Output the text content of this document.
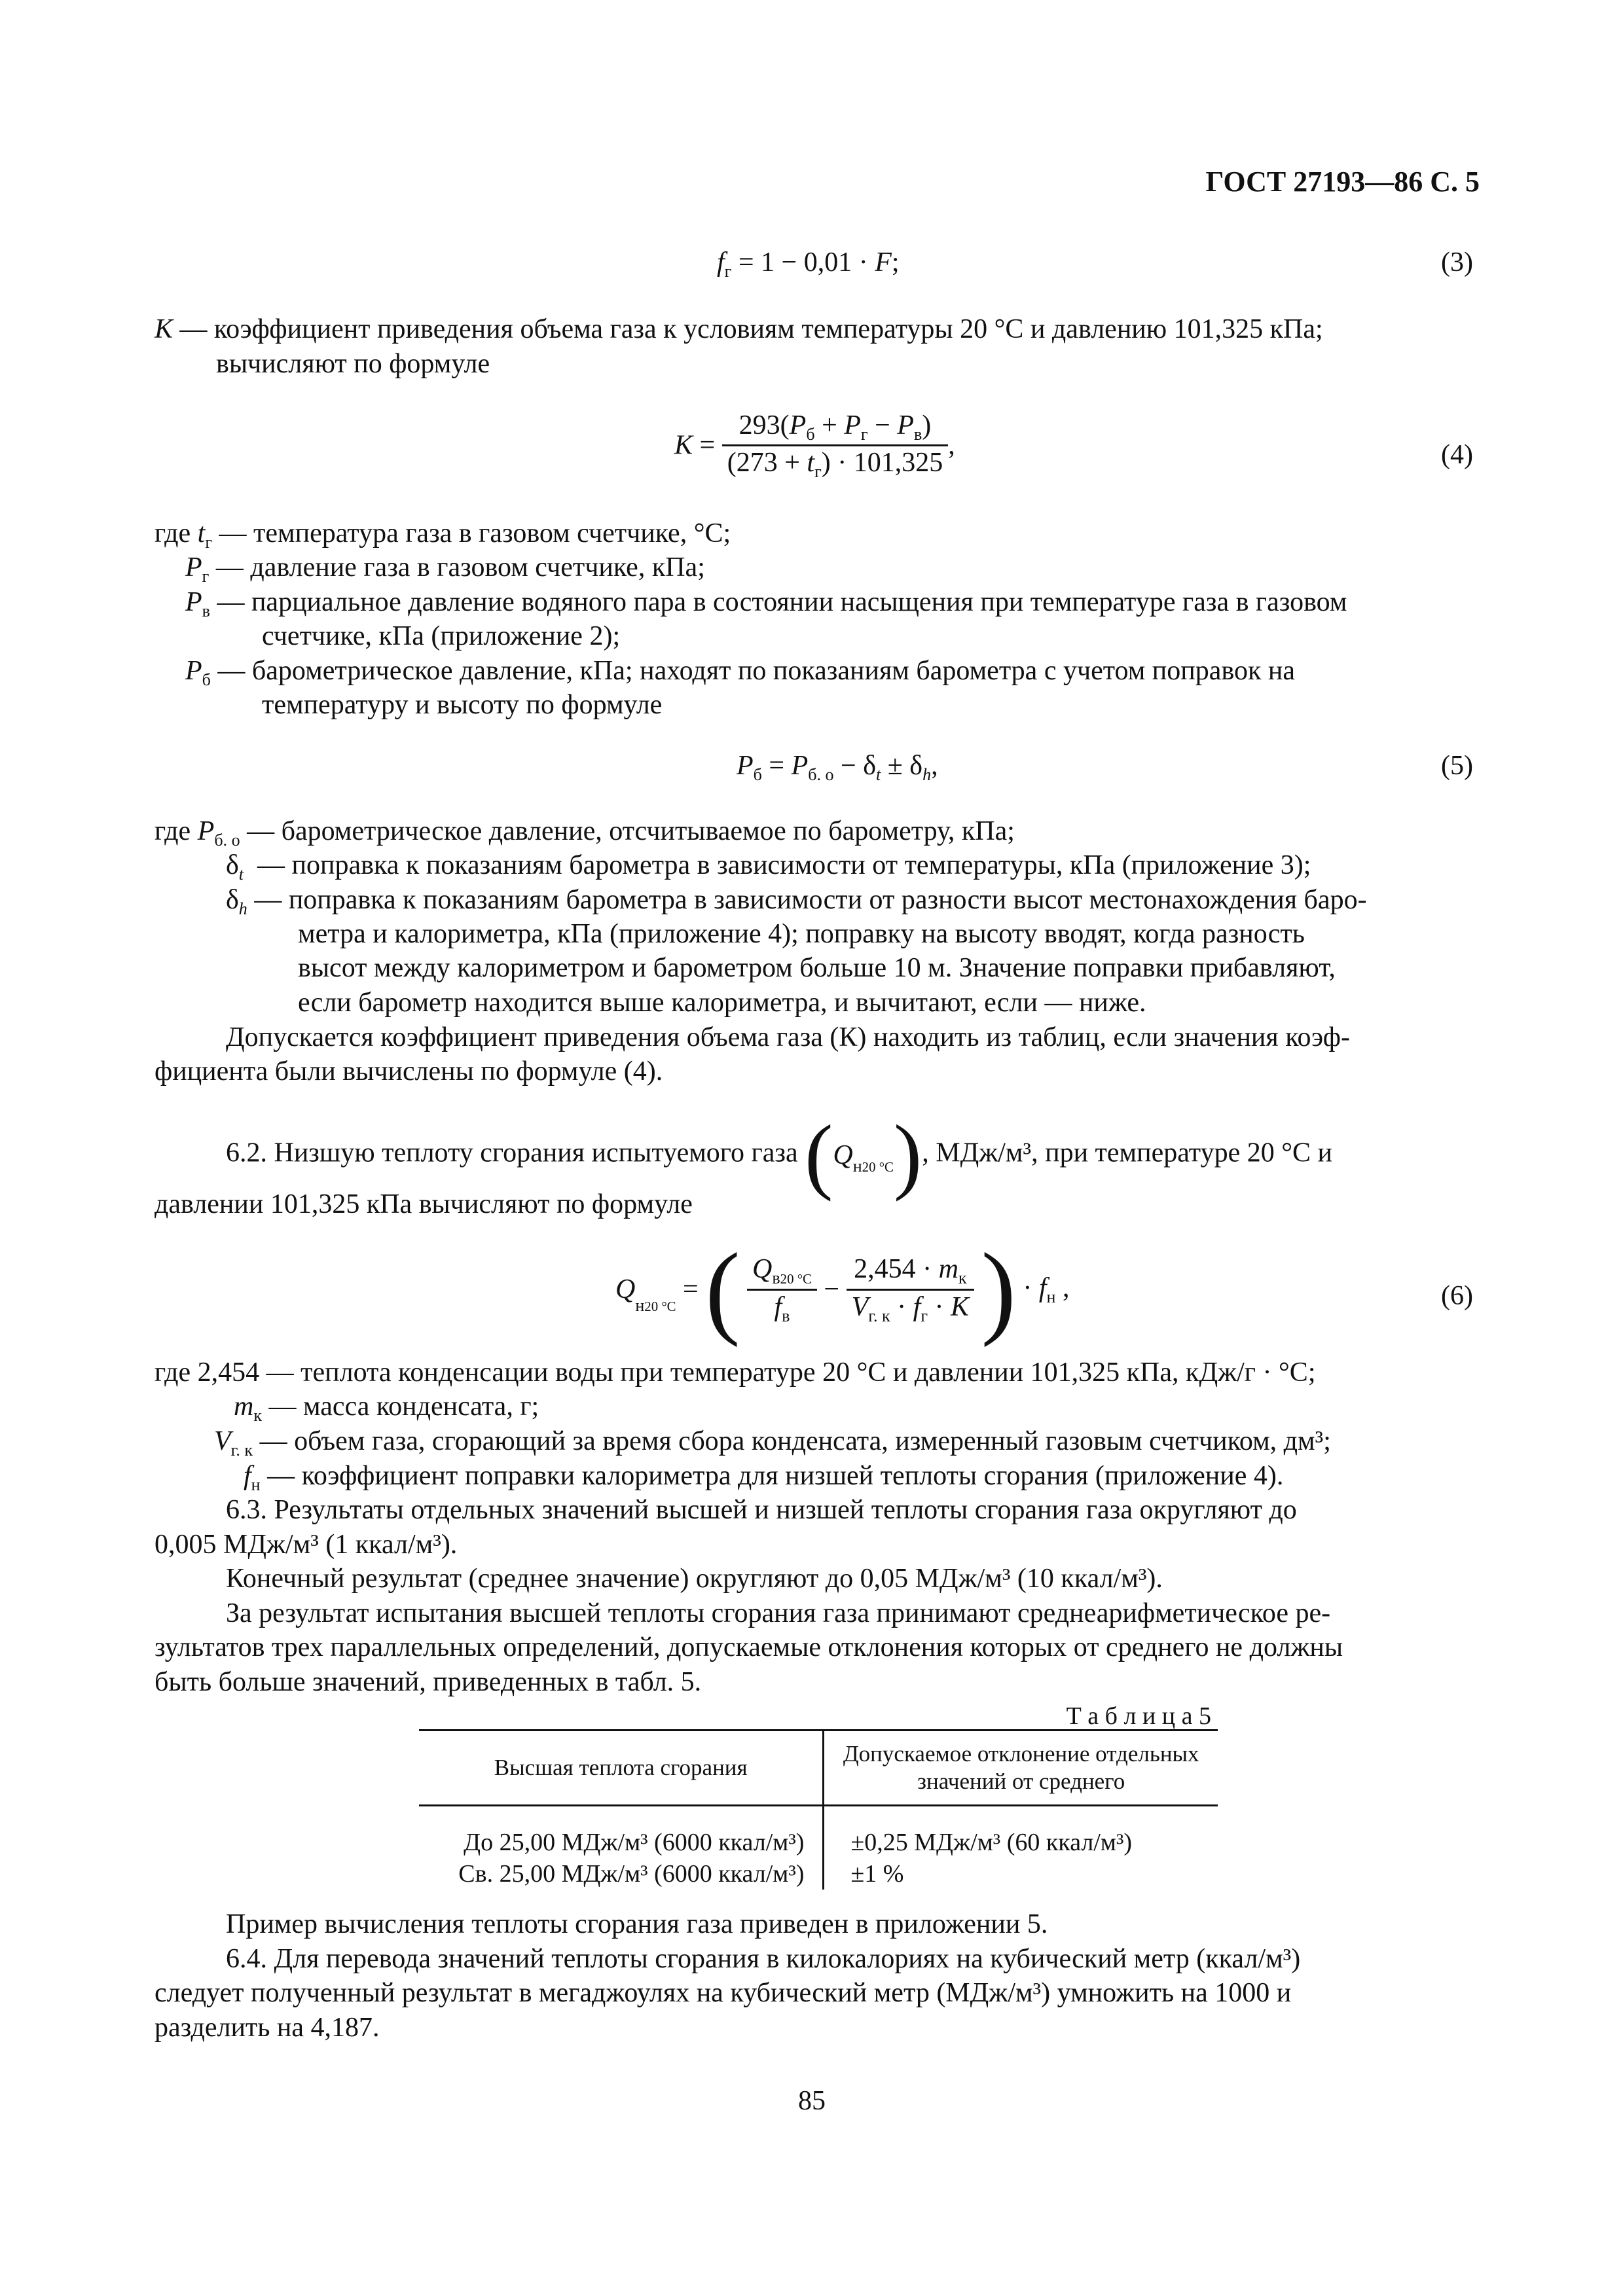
ГОСТ 27193—86 С. 5
$f_г = 1 - 0,01 \cdot F$;	(3)
К — коэффициент приведения объема газа к условиям температуры 20 °С и давлению 101,325 кПа;
вычисляют по формуле
$K = \frac{293(P_б + P_г - P_в)}{(273 + t_г) \cdot 101,325}$ ,	(4)
где $t_г$ — температура газа в газовом счетчике, °С;
$P_г$ — давление газа в газовом счетчике, кПа;
$P_в$ — парциальное давление водяного пара в состоянии насыщения при температуре газа в газовом
счетчике, кПа (приложение 2);
$P_б$ — барометрическое давление, кПа; находят по показаниям барометра с учетом поправок на
температуру и высоту по формуле
$P_б = P_{б. о} - \delta_t \pm \delta_h$,	(5)
где $P_{б. о}$ — барометрическое давление, отсчитываемое по барометру, кПа;
$\delta_t$ — поправка к показаниям барометра в зависимости от температуры, кПа (приложение 3);
$\delta_h$ — поправка к показаниям барометра в зависимости от разности высот местонахождения баро-
метра и калориметра, кПа (приложение 4); поправку на высоту вводят, когда разность
высот между калориметром и барометром больше 10 м. Значение поправки прибавляют,
если барометр находится выше калориметра, и вычитают, если — ниже.
Допускается коэффициент приведения объема газа (К) находить из таблиц, если значения коэф-
фициента были вычислены по формуле (4).
6.2. Низшую теплоту сгорания испытуемого газа $(Q_{н20 ^\circ С})$, МДж/м³, при температуре 20 °С и
давлении 101,325 кПа вычисляют по формуле
$Q_{н20 ^\circ С}$ = ( $\frac{Q_{в20 ^\circ С}}{f_в} - \frac{2,454 \cdot m_к}{V_{г. к} \cdot f_г \cdot K}$ ) · $f_н$ ,	(6)
где 2,454 — теплота конденсации воды при температуре 20 °С и давлении 101,325 кПа, кДж/г · °С;
$m_к$ — масса конденсата, г;
$V_{г. к}$ — объем газа, сгорающий за время сбора конденсата, измеренный газовым счетчиком, дм³;
$f_н$ — коэффициент поправки калориметра для низшей теплоты сгорания (приложение 4).
6.3. Результаты отдельных значений высшей и низшей теплоты сгорания газа округляют до
0,005 МДж/м³ (1 ккал/м³).
Конечный результат (среднее значение) округляют до 0,05 МДж/м³ (10 ккал/м³).
За результат испытания высшей теплоты сгорания газа принимают среднеарифметическое ре-
зультатов трех параллельных определений, допускаемые отклонения которых от среднего не должны
быть больше значений, приведенных в табл. 5.
Т а б л и ц а 5
Высшая теплота сгорания	Допускаемое отклонение отдельных значений от среднего

До 25,00 МДж/м³ (6000 ккал/м³)	±0,25 МДж/м³ (60 ккал/м³)
Св. 25,00 МДж/м³ (6000 ккал/м³)	±1 %
Пример вычисления теплоты сгорания газа приведен в приложении 5.
6.4. Для перевода значений теплоты сгорания в килокалориях на кубический метр (ккал/м³)
следует полученный результат в мегаджоулях на кубический метр (МДж/м³) умножить на 1000 и
разделить на 4,187.
85
